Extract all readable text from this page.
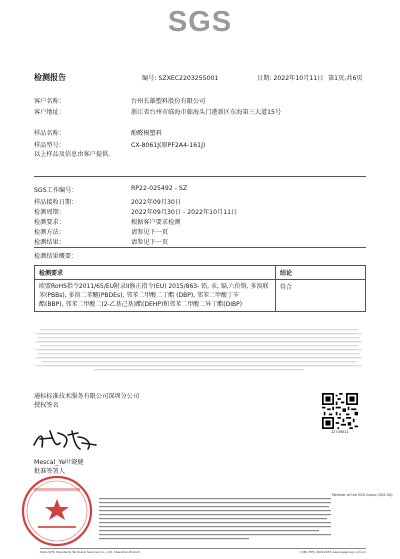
SGS
检测报告	编号: SZXEC2203255001	日期: 2022年10月11日 第1页,共6页
客户名称：	台州长雄塑料股份有限公司
客户地址：	浙江省台州市临海市临海头门港新区东海第三大道15号
样品名称：	酚醛模塑料
样品型号：	CX-8061J(原PF2A4-161J)
以上样品及信息由客户提供。
SGS工作编号：	RP22-025492 - SZ
样品接收日期：	2022年09月30日
检测周期：	2022年09月30日 - 2022年10月11日
检测要求：	根据客户要求检测
检测方法：	请参见下一页
检测结果：	请参见下一页
检测结果概要：
检测要求	结论

欧盟RoHS指令2011/65/EU附录II修正指令(EU) 2015/863- 铅, 汞, 镉,六价铬, 多溴联
苯(PBBs), 多溴二苯醚(PBDEs), 邻苯二甲酸二丁酯 (DBP), 邻苯二甲酸丁苄
酯(BBP), 邻苯二甲酸二(2-乙基己基)酯(DEHP)和邻苯二甲酸二异丁酯(DIBP)	符合
通标标准技术服务有限公司深圳分公司
授权签名
Mescal_Ye叶晓健
批准签署人
22749811
Member of the SGS Group (SGS SA)
SGS-CSTC Standards Technical Services Co., Ltd. Shenzhen Branch	t (86-755) 26012053 www.sgsgroup.com.cn
